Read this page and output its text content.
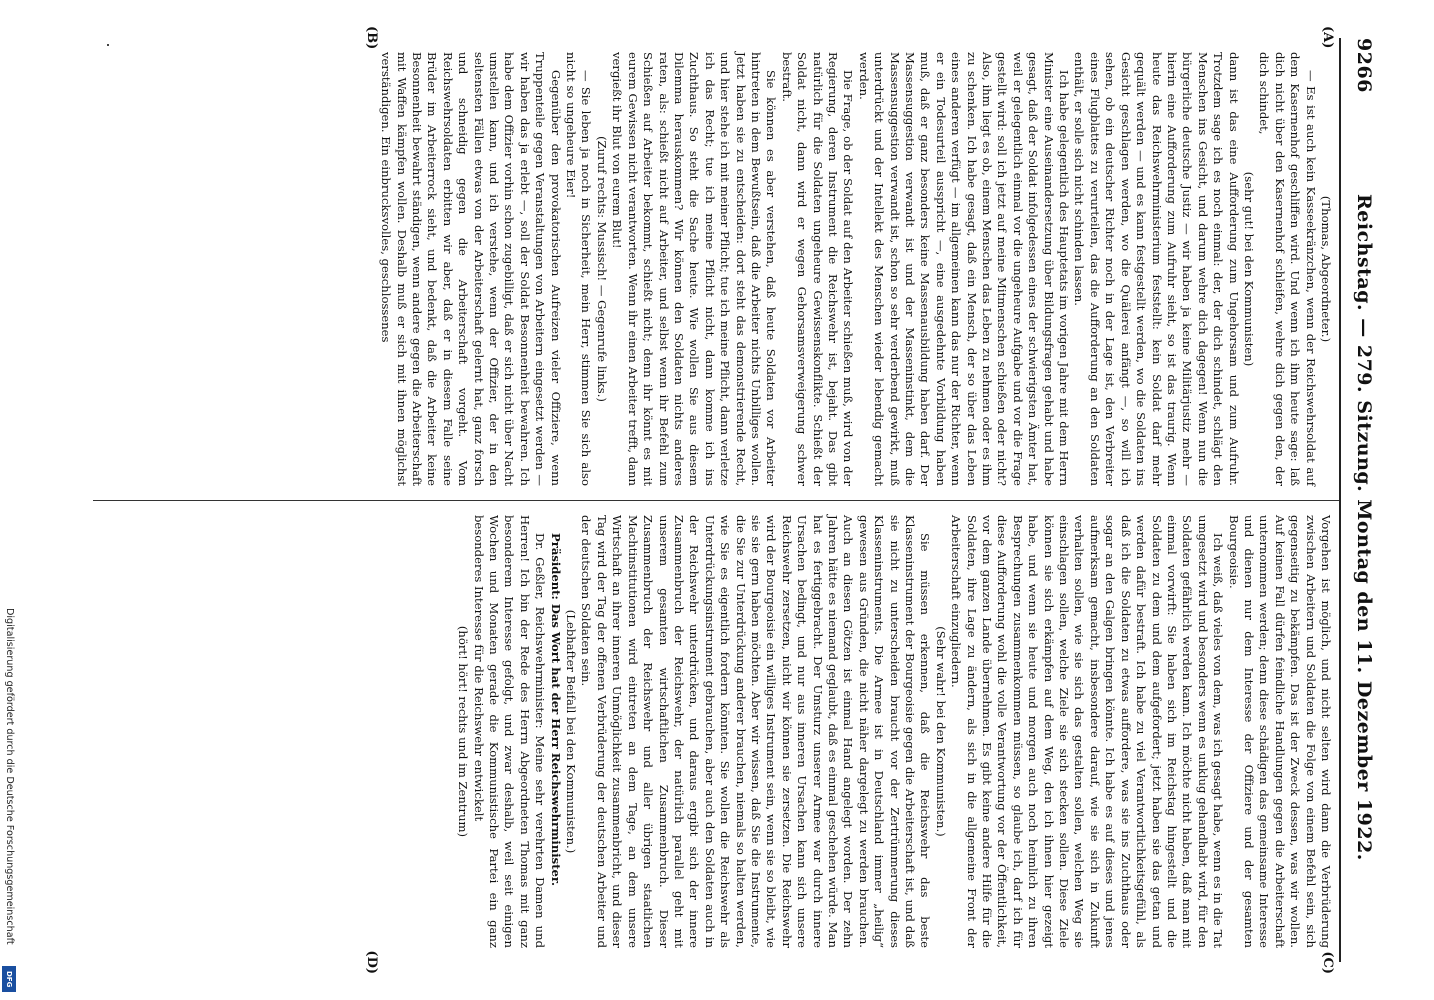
9266
Reichstag. — 279. Sitzung. Montag den 11. Dezember 1922.
(A)
(B)

(Thomas, Abgeordneter.)

— Es ist auch kein Kasseekränzchen, wenn der Reichswehrsoldat auf dem Kasernenhof geschliffen wird. Und wenn ich ihm heute sage: laß dich nicht über den Kasernenhof schleifen, wehre dich gegen den, der dich schindet,

(sehr gut! bei den Kommunisten)

dann ist das eine Aufforderung zum Ungehorsam und zum Aufruhr. Trotzdem sage ich es noch einmal: der, der dich schindet, schlägt den Menschen ins Gesicht, und darum wehre dich dagegen! Wenn nun die bürgerliche deutsche Justiz — wir haben ja keine Militärjustiz mehr — hierin eine Aufforderung zum Aufruhr sieht, so ist das traurig. Wenn heute das Reichswehrministerium feststellt: kein Soldat darf mehr gequält werden — und es kann festgestellt werden, wo die Soldaten ins Gesicht geschlagen werden, wo die Quälerei anfängt —, so will ich sehen, ob ein deutscher Richter noch in der Lage ist, den Verbreiter eines Flugblattes zu verurteilen, das die Aufforderung an den Soldaten enthält, er solle sich nicht schinden lassen.

Ich habe gelegentlich des Hauptetats im vorigen Jahre mit dem Herrn Minister eine Auseinandersetzung über Bildungsfragen gehabt und habe gesagt, daß der Soldat infolgedessen eines der schwierigsten Ämter hat, weil er gelegentlich einmal vor die ungeheure Aufgabe und vor die Frage gestellt wird: soll ich jetzt auf meine Mitmenschen schießen oder nicht? Also, ihm liegt es ob, einem Menschen das Leben zu nehmen oder es ihm zu schenken. Ich habe gesagt, daß ein Mensch, der so über das Leben eines anderen verfügt — im allgemeinen kann das nur der Richter, wenn er ein Todesurteil ausspricht —, eine ausgedehnte Vorbildung haben muß, daß er ganz besonders keine Massenausbildung haben darf. Der Massensuggestion verwandt ist und der Masseninstinkt, dem die Massensuggestion verwandt ist, schon so sehr verderbend gewirkt, muß unterdrückt und der Intellekt des Menschen wieder lebendig gemacht werden.

Die Frage, ob der Soldat auf den Arbeiter schießen muß, wird von der Regierung, deren Instrument die Reichswehr ist, bejaht. Das gibt natürlich für die Soldaten ungeheure Gewissenskonflikte. Schießt der Soldat nicht, dann wird er wegen Gehorsamsverweigerung schwer bestraft.

Sie können es aber verstehen, daß heute Soldaten vor Arbeiter hintreten in dem Bewußtsein, daß die Arbeiter nichts Unbilliges wollen. Jetzt haben sie zu entscheiden: dort steht das demonstrierende Recht, und hier stehe ich mit meiner Pflicht; tue ich meine Pflicht, dann verletze ich das Recht; tue ich meine Pflicht nicht, dann komme ich ins Zuchthaus. So steht die Sache heute. Wie wollen Sie aus diesem Dilemma herauskommen? Wir können den Soldaten nichts anderes raten, als: schießt nicht auf Arbeiter, und selbst wenn ihr Befehl zum Schießen auf Arbeiter bekommt, schießt nicht; denn ihr könnt es mit eurem Gewissen nicht verantworten. Wenn ihr einen Arbeiter trefft, dann vergießt ihr Blut von eurem Blut!

(Zuruf rechts: Mussisch! — Gegenrufe links.)

— Sie leben ja noch in Sicherheit, mein Herr, stimmen Sie sich also nicht so ungeheure Eier!

Gegenüber den provokatorischen Aufreizen vieler Offiziere, wenn Truppenteile gegen Veranstaltungen von Arbeitern eingesetzt werden — wir haben das ja erlebt —, soll der Soldat Besonnenheit bewahren. Ich habe dem Offizier vorhin schon zugebilligt, daß er sich nicht über Nacht umstellen kann, und ich verstehe, wenn der Offizier, der in den seltensten Fällen etwas von der Arbeiterschaft gelernt hat, ganz forsch und schneidig gegen die Arbeiterschaft vorgeht. Vom Reichswehrsoldaten erbitten wir aber, daß er in diesem Falle seine Brüder im Arbeiterrock sieht, und bedenkt, daß die Arbeiter keine Besonnenheit bewahrt ständigen, wenn andere gegen die Arbeiterschaft mit Waffen kämpfen wollen. Deshalb muß er sich mit ihnen möglichst verständigen. Ein einbrucksvolles, geschlossenes

(C)
(D)

Vorgehen ist möglich, und nicht selten wird dann die Verbrüderung zwischen Arbeitern und Soldaten die Folge von einem Befehl sein, sich gegenseitig zu bekämpfen. Das ist der Zweck dessen, was wir wollen. Auf keinen Fall dürfen feindliche Handlungen gegen die Arbeiterschaft unternommen werden; denn diese schädigen das gemeinsame Interesse und dienen nur dem Interesse der Offiziere und der gesamten Bourgeoisie.

Ich weiß, daß vieles von dem, was ich gesagt habe, wenn es in die Tat umgesetzt wird und besonders wenn es unklug gehandhabt wird, für den Soldaten gefährlich werden kann. Ich möchte nicht haben, daß man mit einmal vorwirft: Sie haben sich im Reichstag hingestellt und die Soldaten zu dem und dem aufgefordert; jetzt haben sie das getan und werden dafür bestraft. Ich habe zu viel Verantwortlichkeitsgefühl, als daß ich die Soldaten zu etwas auffordere, was sie ins Zuchthaus oder sogar an den Galgen bringen könnte. Ich habe es auf dieses und jenes aufmerksam gemacht, insbesondere darauf, wie sie sich in Zukunft verhalten sollen, wie sie sich das gestalten sollen, welchen Weg sie einschlagen sollen, welche Ziele sie sich stecken sollen. Diese Ziele können sie sich erkämpfen auf dem Weg, den ich ihnen hier gezeigt habe, und wenn sie heute und morgen auch noch heimlich zu ihren Besprechungen zusammenkommen müssen, so glaube ich, darf ich für diese Aufforderung wohl die volle Verantwortung vor der Öffentlichkeit, vor dem ganzen Lande übernehmen. Es gibt keine andere Hilfe für die Soldaten, ihre Lage zu ändern, als sich in die allgemeine Front der Arbeiterschaft einzugliedern.

(Sehr wahr! bei den Kommunisten.)

Sie müssen erkennen, daß die Reichswehr das beste Klasseninstrument der Bourgeoisie gegen die Arbeiterschaft ist, und daß sie nicht zu unterscheiden braucht vor der Zertrümmerung dieses Klasseninstruments. Die Armee ist in Deutschland immer „heilig“ gewesen aus Gründen, die nicht näher dargelegt zu werden brauchen. Auch an diesen Götzen ist einmal Hand angelegt worden. Der zehn Jahren hätte es niemand geglaubt, daß es einmal geschehen würde. Man hat es fertiggebracht. Der Umsturz unserer Armee war durch innere Ursachen bedingt, und nur aus inneren Ursachen kann sich unsere Reichswehr zersetzen, nicht wir können sie zersetzen. Die Reichswehr wird der Bourgeoisie ein williges Instrument sein, wenn sie so bleibt, wie sie sie gern haben möchten. Aber wir wissen, daß Sie die Instrumente, die Sie zur Unterdrückung anderer brauchen, niemals so halten werden, wie Sie es eigentlich fordern könnten. Sie wollen die Reichswehr als Unterdrückungsinstrument gebrauchen, aber auch den Soldaten auch in der Reichswehr unterdrücken, und daraus ergibt sich der innere Zusammenbruch der Reichswehr, der natürlich parallel geht mit unserem gesamten wirtschaftlichen Zusammenbruch. Dieser Zusammenbruch der Reichswehr und aller übrigen staatlichen Machtinstitutionen wird eintreten an dem Tage, an dem unsere Wirtschaft an ihrer inneren Unmöglichkeit zusammenbricht, und dieser Tag wird der Tag der offenen Verbrüderung der deutschen Arbeiter und der deutschen Soldaten sein.

(Lebhafter Beifall bei den Kommunisten.)

Präsident: Das Wort hat der Herr Reichswehrminister.

Dr. Geßler, Reichswehrminister: Meine sehr verehrten Damen und Herren! Ich bin der Rede des Herrn Abgeordneten Thomas mit ganz besonderem Interesse gefolgt, und zwar deshalb, weil seit einigen Wochen und Monaten gerade die Kommunistische Partei ein ganz besonderes Interesse für die Reichswehr entwickelt

(hört! hört! rechts und im Zentrum)

Digitalisierung gefördert durch die Deutsche Forschungsgemeinschaft
DFG
